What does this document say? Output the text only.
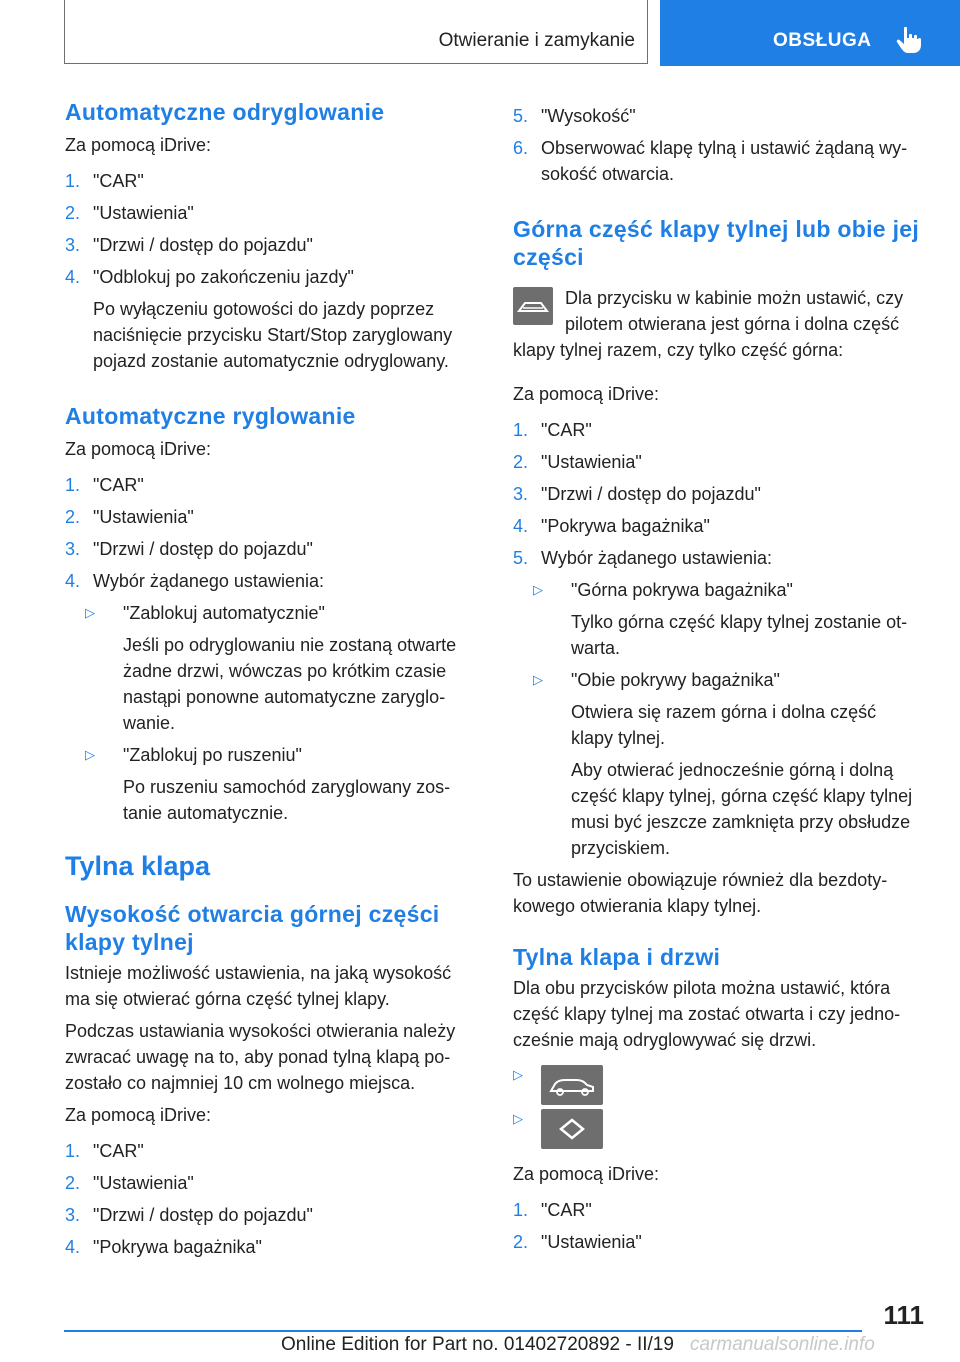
Otwieranie i zamykanie	OBSŁUGA
Automatyczne odryglowanie

Za pomocą iDrive:

1. "CAR"
2. "Ustawienia"
3. "Drzwi / dostęp do pojazdu"
4. "Odblokuj po zakończeniu jazdy"
Po wyłączeniu gotowości do jazdy poprzez
naciśnięcie przycisku Start/Stop zaryglowany
pojazd zostanie automatycznie odryglowany.
Automatyczne ryglowanie

Za pomocą iDrive:

1. "CAR"
2. "Ustawienia"
3. "Drzwi / dostęp do pojazdu"
4. Wybór żądanego ustawienia:
▷ "Zablokuj automatycznie"
Jeśli po odryglowaniu nie zostaną otwarte
żadne drzwi, wówczas po krótkim czasie
nastąpi ponowne automatyczne zaryglo‐
wanie.
▷ "Zablokuj po ruszeniu"
Po ruszeniu samochód zaryglowany zos‐
tanie automatycznie.
Tylna klapa
Wysokość otwarcia górnej części
klapy tylnej
Istnieje możliwość ustawienia, na jaką wysokość
ma się otwierać górna część tylnej klapy.
Podczas ustawiania wysokości otwierania należy
zwracać uwagę na to, aby ponad tylną klapą po‐
zostało co najmniej 10 cm wolnego miejsca.

Za pomocą iDrive:

1. "CAR"
2. "Ustawienia"
3. "Drzwi / dostęp do pojazdu"
4. "Pokrywa bagażnika"
5. "Wysokość"
6. Obserwować klapę tylną i ustawić żądaną wy‐
sokość otwarcia.
Górna część klapy tylnej lub obie jej
części
Dla przycisku w kabinie możn ustawić, czy
pilotem otwierana jest górna i dolna część
klapy tylnej razem, czy tylko część górna:

Za pomocą iDrive:

1. "CAR"
2. "Ustawienia"
3. "Drzwi / dostęp do pojazdu"
4. "Pokrywa bagażnika"
5. Wybór żądanego ustawienia:
▷ "Górna pokrywa bagażnika"
Tylko górna część klapy tylnej zostanie ot‐
warta.
▷ "Obie pokrywy bagażnika"
Otwiera się razem górna i dolna część
klapy tylnej.
Aby otwierać jednocześnie górną i dolną
część klapy tylnej, górna część klapy tylnej
musi być jeszcze zamknięta przy obsłudze
przyciskiem.
To ustawienie obowiązuje również dla bezdoty‐
kowego otwierania klapy tylnej.
Tylna klapa i drzwi
Dla obu przycisków pilota można ustawić, która
część klapy tylnej ma zostać otwarta i czy jedno‐
cześnie mają odryglowywać się drzwi.
▷
▷

Za pomocą iDrive:

1. "CAR"
2. "Ustawienia"
111
Online Edition for Part no. 01402720892 - II/19 carmanualsonline.info
